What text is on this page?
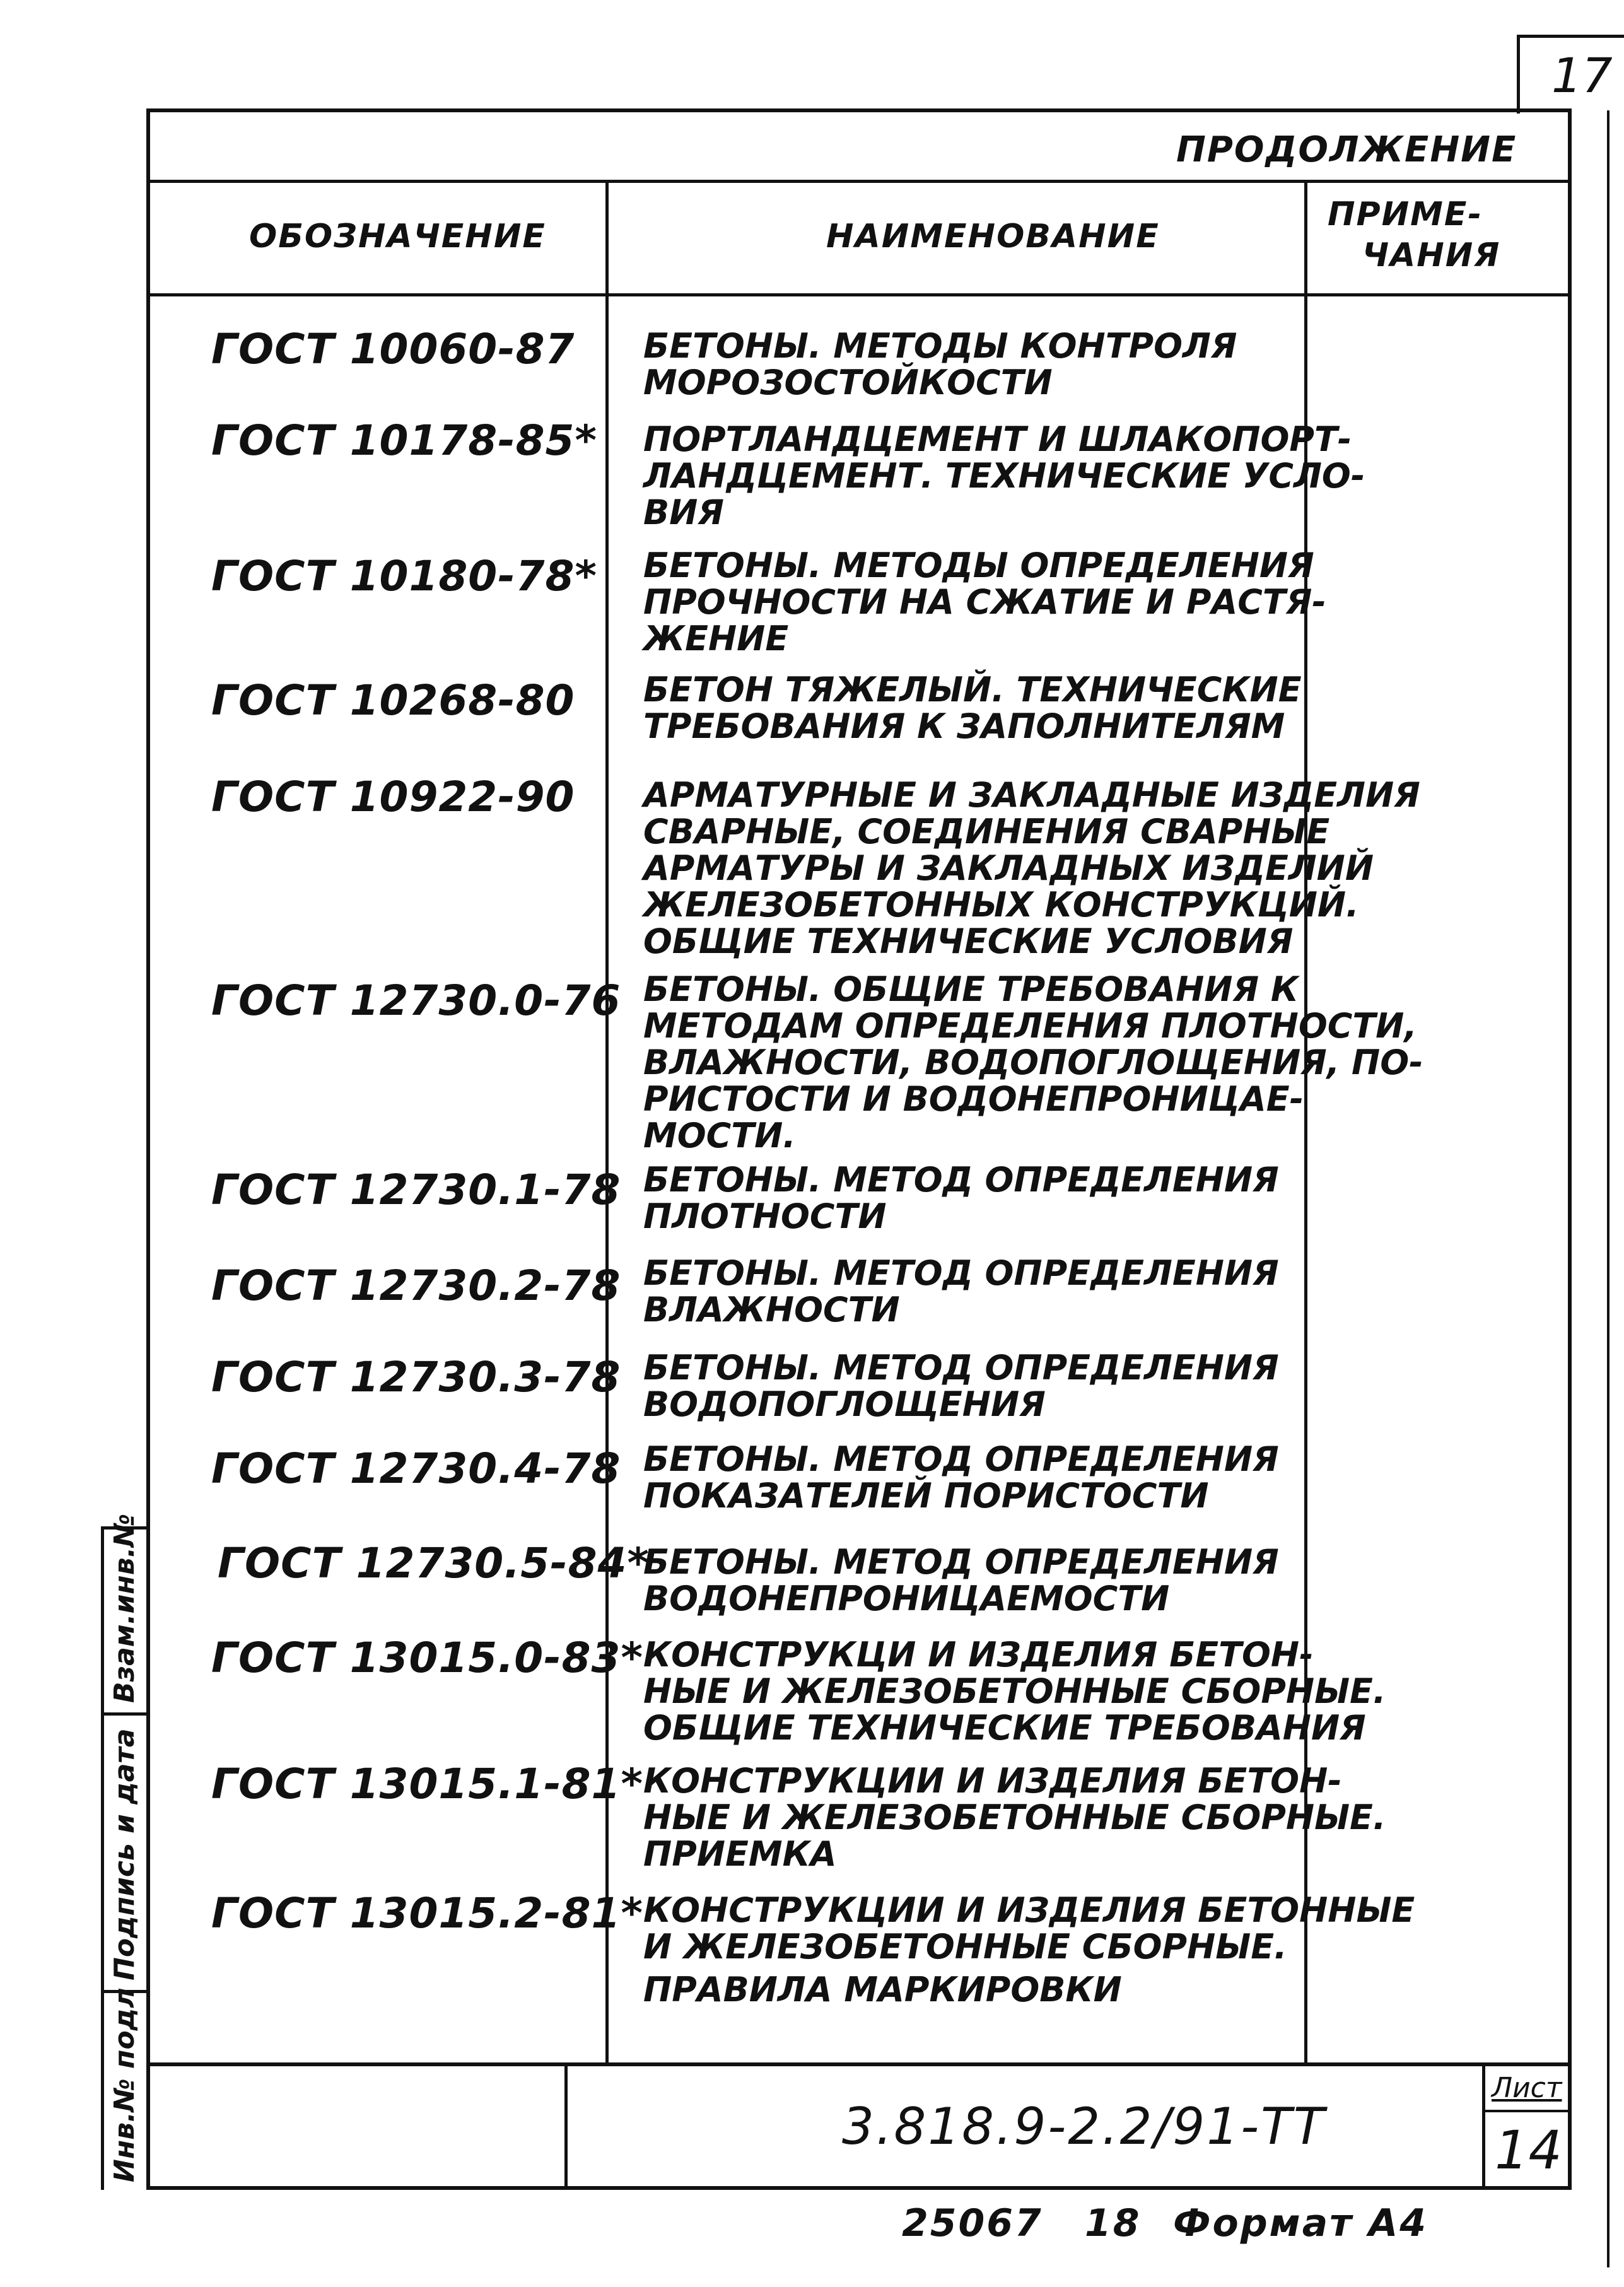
17
ПРОДОЛЖЕНИЕ
ОБОЗНАЧЕНИЕ	НАИМЕНОВАНИЕ
ПРИМЕ-
ЧАНИЯ
ГОСТ 10060-87 БЕТОНЫ. МЕТОДЫ КОНТРОЛЯ
МОРОЗОСТОЙКОСТИ
ГОСТ 10178-85* ПОРТЛАНДЦЕМЕНТ И ШЛАКОПОРТ-
ЛАНДЦЕМЕНТ. ТЕХНИЧЕСКИЕ УСЛО-
ВИЯ
ГОСТ 10180-78* БЕТОНЫ. МЕТОДЫ ОПРЕДЕЛЕНИЯ
ПРОЧНОСТИ НА СЖАТИЕ И РАСТЯ-
ЖЕНИЕ
ГОСТ 10268-80 БЕТОН ТЯЖЕЛЫЙ. ТЕХНИЧЕСКИЕ
ТРЕБОВАНИЯ К ЗАПОЛНИТЕЛЯМ
ГОСТ 10922-90 АРМАТУРНЫЕ И ЗАКЛАДНЫЕ ИЗДЕЛИЯ
СВАРНЫЕ, СОЕДИНЕНИЯ СВАРНЫЕ
АРМАТУРЫ И ЗАКЛАДНЫХ ИЗДЕЛИЙ
ЖЕЛЕЗОБЕТОННЫХ КОНСТРУКЦИЙ.
ОБЩИЕ ТЕХНИЧЕСКИЕ УСЛОВИЯ
ГОСТ 12730.0-76 БЕТОНЫ. ОБЩИЕ ТРЕБОВАНИЯ К
МЕТОДАМ ОПРЕДЕЛЕНИЯ ПЛОТНОСТИ,
ВЛАЖНОСТИ, ВОДОПОГЛОЩЕНИЯ, ПО-
РИСТОСТИ И ВОДОНЕПРОНИЦАЕ-
МОСТИ.
ГОСТ 12730.1-78 БЕТОНЫ. МЕТОД ОПРЕДЕЛЕНИЯ
ПЛОТНОСТИ
ГОСТ 12730.2-78 БЕТОНЫ. МЕТОД ОПРЕДЕЛЕНИЯ
ВЛАЖНОСТИ
ГОСТ 12730.3-78 БЕТОНЫ. МЕТОД ОПРЕДЕЛЕНИЯ
ВОДОПОГЛОЩЕНИЯ
ГОСТ 12730.4-78 БЕТОНЫ. МЕТОД ОПРЕДЕЛЕНИЯ
ПОКАЗАТЕЛЕЙ ПОРИСТОСТИ
ГОСТ 12730.5-84*
БЕТОНЫ. МЕТОД ОПРЕДЕЛЕНИЯ
ВОДОНЕПРОНИЦАЕМОСТИ
ГОСТ 13015.0-83* КОНСТРУКЦИ И ИЗДЕЛИЯ БЕТОН-
НЫЕ И ЖЕЛЕЗОБЕТОННЫЕ СБОРНЫЕ.
ОБЩИЕ ТЕХНИЧЕСКИЕ ТРЕБОВАНИЯ
ГОСТ 13015.1-81* КОНСТРУКЦИИ И ИЗДЕЛИЯ БЕТОН-
НЫЕ И ЖЕЛЕЗОБЕТОННЫЕ СБОРНЫЕ.
ПРИЕМКА
ГОСТ 13015.2-81* КОНСТРУКЦИИ И ИЗДЕЛИЯ БЕТОННЫЕ
И ЖЕЛЕЗОБЕТОННЫЕ СБОРНЫЕ.
ПРАВИЛА МАРКИРОВКИ
3.818.9-2.2/91-ТТ
Лист
14
Взам.инв.№
Подпись и дата
Инв.№ подл
25067 18 Формат А4
